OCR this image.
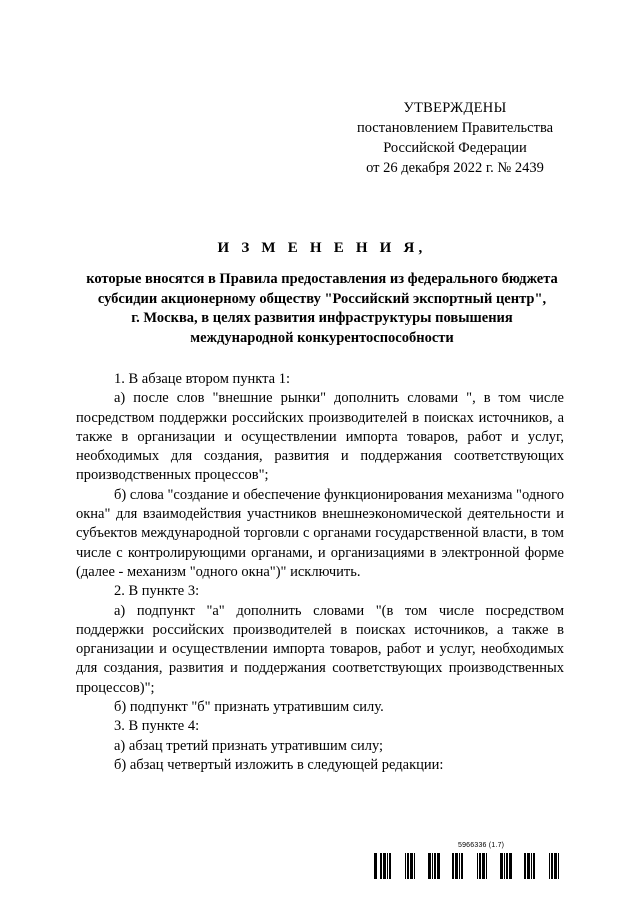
УТВЕРЖДЕНЫ
постановлением Правительства
Российской Федерации
от 26 декабря 2022 г. № 2439
И З М Е Н Е Н И Я,
которые вносятся в Правила предоставления из федерального бюджета
субсидии акционерному обществу "Российский экспортный центр",
г. Москва, в целях развития инфраструктуры повышения
международной конкурентоспособности

1. В абзаце втором пункта 1:

а) после слов "внешние рынки" дополнить словами ", в том числе посредством поддержки российских производителей в поисках источников, а также в организации и осуществлении импорта товаров, работ и услуг, необходимых для создания, развития и поддержания соответствующих производственных процессов";

б) слова "создание и обеспечение функционирования механизма "одного окна" для взаимодействия участников внешнеэкономической деятельности и субъектов международной торговли с органами государственной власти, в том числе с контролирующими органами, и организациями в электронной форме (далее - механизм "одного окна")" исключить.

2. В пункте 3:

а) подпункт "а" дополнить словами "(в том числе посредством поддержки российских производителей в поисках источников, а также в организации и осуществлении импорта товаров, работ и услуг, необходимых для создания, развития и поддержания соответствующих производственных процессов)";

б) подпункт "б" признать утратившим силу.

3. В пункте 4:

а) абзац третий признать утратившим силу;

б) абзац четвертый изложить в следующей редакции:

5966336 (1.7)
